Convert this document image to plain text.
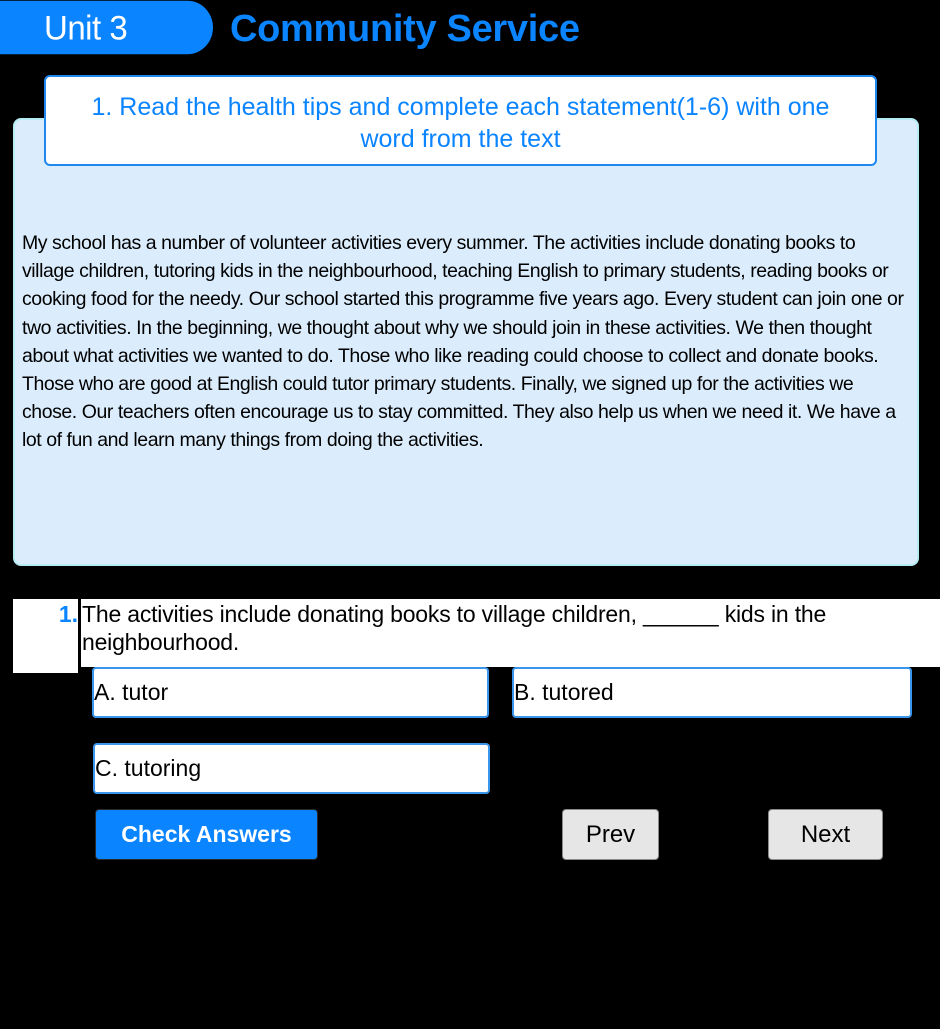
Unit 3	Community Service
My school has a number of volunteer activities every summer. The activities include donating books to village children, tutoring kids in the neighbourhood, teaching English to primary students, reading books or cooking food for the needy. Our school started this programme five years ago. Every student can join one or two activities. In the beginning, we thought about why we should join in these activities. We then thought about what activities we wanted to do. Those who like reading could choose to collect and donate books. Those who are good at English could tutor primary students. Finally, we signed up for the activities we chose. Our teachers often encourage us to stay committed. They also help us when we need it. We have a lot of fun and learn many things from doing the activities.
1. Read the health tips and complete each statement(1-6) with one word from the text
1. The activities include donating books to village children, ______ kids in the neighbourhood.
A. tutor	B. tutored
C. tutoring
Check Answers	Prev	Next
